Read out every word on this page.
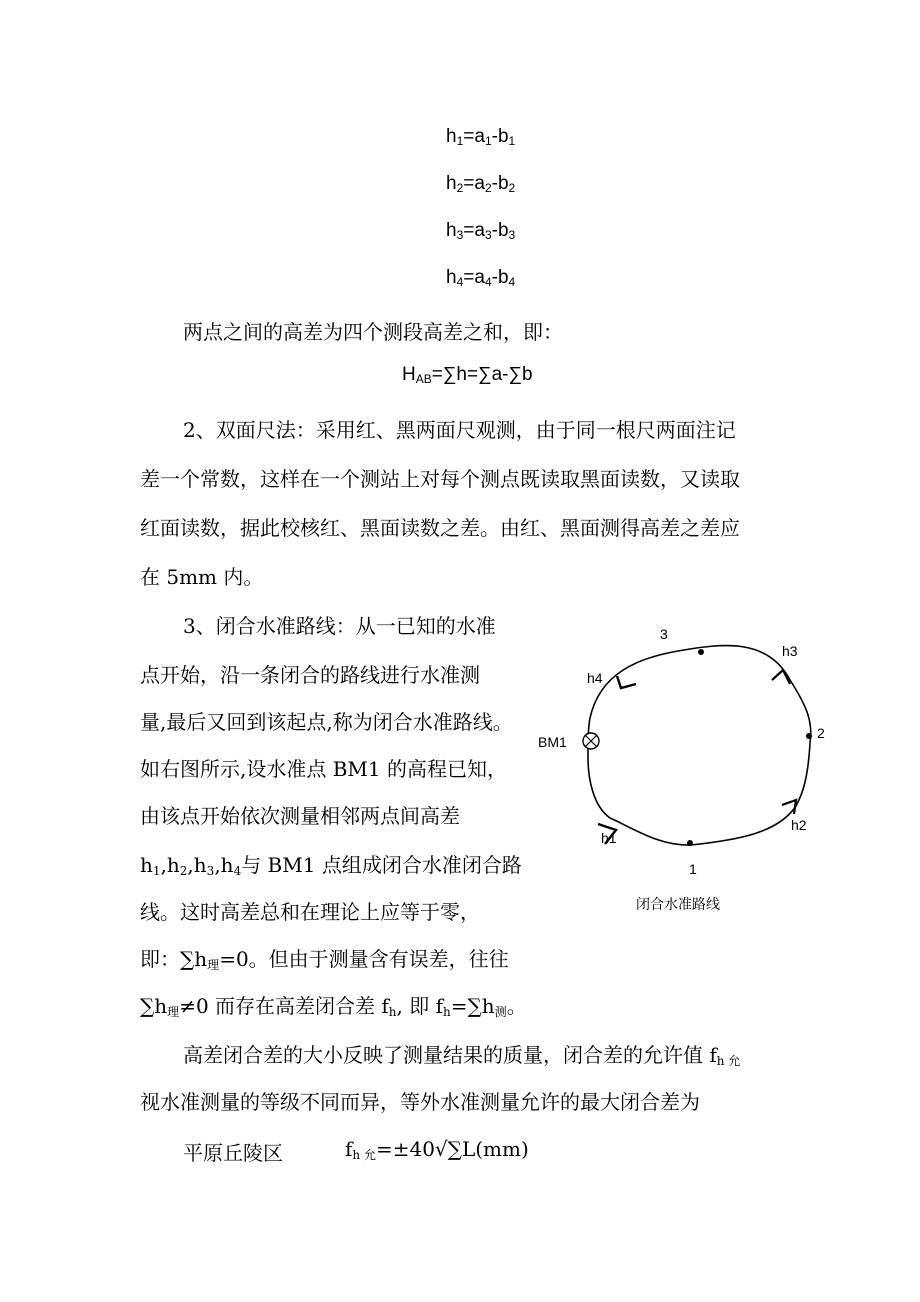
$h_1=a_1-b_1$
$h_2=a_2-b_2$
$h_3=a_3-b_3$
$h_4=a_4-b_4$
两点之间的高差为四个测段高差之和，即：
$H_{AB}=\sum h=\sum a-\sum b$
2、双面尺法：采用红、黑两面尺观测，由于同一根尺两面注记
差一个常数，这样在一个测站上对每个测点既读取黑面读数，又读取
红面读数，据此校核红、黑面读数之差。由红、黑面测得高差之差应
在 5mm 内。
3、闭合水准路线：从一已知的水准
点开始，沿一条闭合的路线进行水准测
量,最后又回到该起点,称为闭合水准路线。
如右图所示,设水准点 BM1 的高程已知，
由该点开始依次测量相邻两点间高差
$h_1,h_2,h_3,h_4$与 BM1 点组成闭合水准闭合路
线。这时高差总和在理论上应等于零，
即：$\sum h_理=0$。但由于测量含有误差，往往
$\sum h_理\ne 0$ 而存在高差闭合差 $f_h$, 即 $f_h=\sum h_测$。
高差闭合差的大小反映了测量结果的质量，闭合差的允许值 $f_{h 允}$
视水准测量的等级不同而异，等外水准测量允许的最大闭合差为
平原丘陵区	$f_{h 允}=\pm 40√\sum L(mm)$
BM1
3
2
1
h1
h2
h3
h4
闭合水准路线
